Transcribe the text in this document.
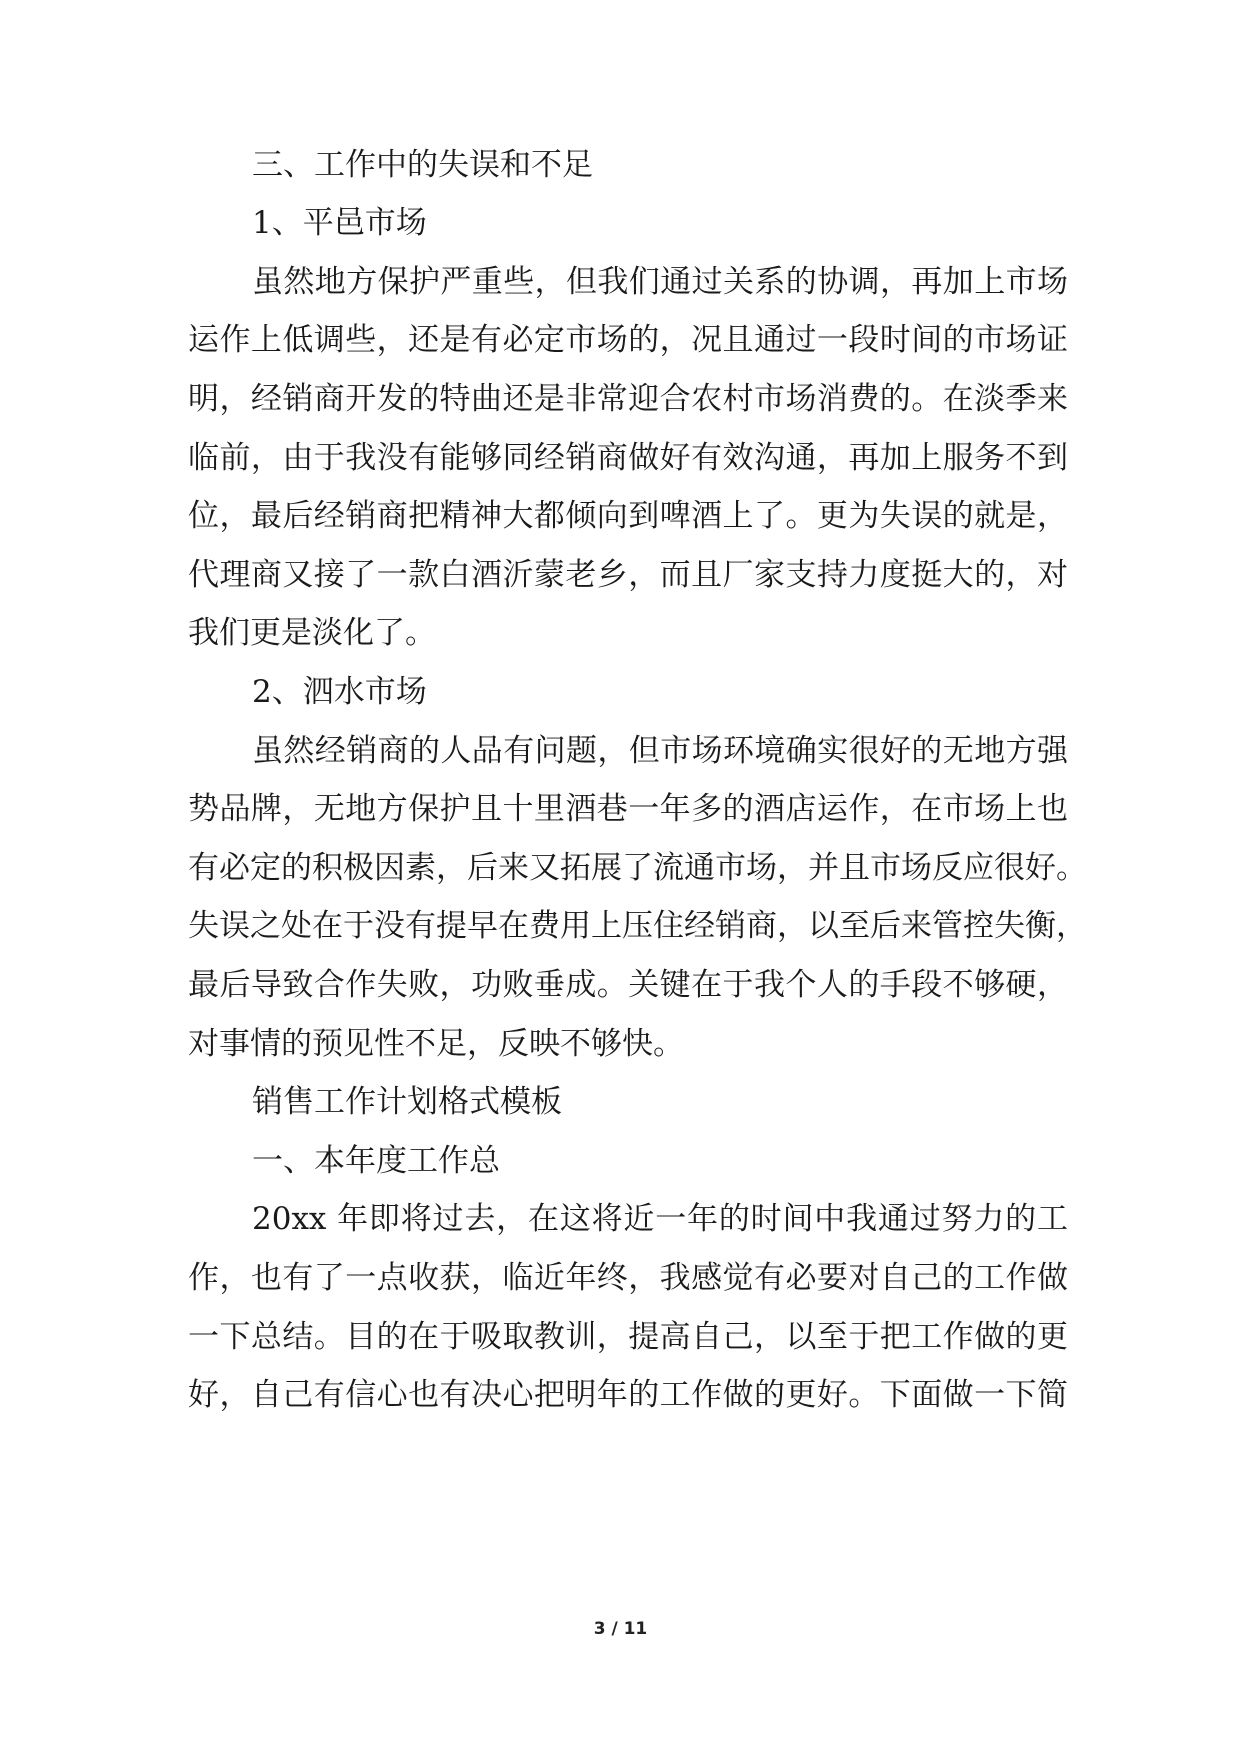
三、工作中的失误和不足
1、平邑市场
虽然地方保护严重些，但我们通过关系的协调，再加上市场
运作上低调些，还是有必定市场的，况且通过一段时间的市场证
明，经销商开发的特曲还是非常迎合农村市场消费的。在淡季来
临前，由于我没有能够同经销商做好有效沟通，再加上服务不到
位，最后经销商把精神大都倾向到啤酒上了。更为失误的就是，
代理商又接了一款白酒沂蒙老乡，而且厂家支持力度挺大的，对
我们更是淡化了。
2、泗水市场
虽然经销商的人品有问题，但市场环境确实很好的无地方强
势品牌，无地方保护且十里酒巷一年多的酒店运作，在市场上也
有必定的积极因素，后来又拓展了流通市场，并且市场反应很好。
失误之处在于没有提早在费用上压住经销商，以至后来管控失衡，
最后导致合作失败，功败垂成。关键在于我个人的手段不够硬，
对事情的预见性不足，反映不够快。
销售工作计划格式模板
一、本年度工作总
20xx 年即将过去，在这将近一年的时间中我通过努力的工
作，也有了一点收获，临近年终，我感觉有必要对自己的工作做
一下总结。目的在于吸取教训，提高自己，以至于把工作做的更
好，自己有信心也有决心把明年的工作做的更好。下面做一下简
3 / 11
